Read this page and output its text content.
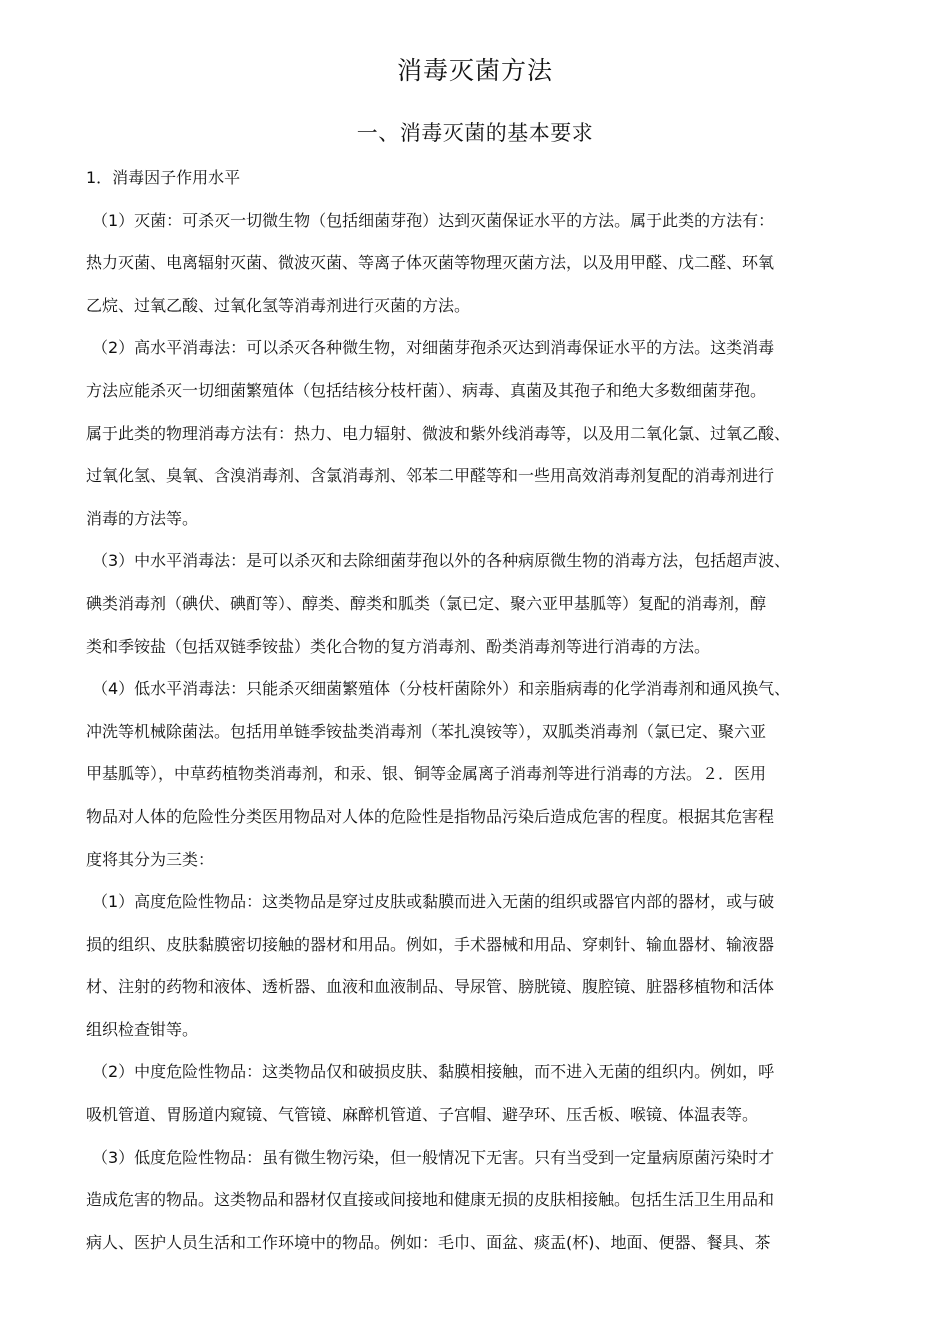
消毒灭菌方法
一、消毒灭菌的基本要求
1．消毒因子作用水平
（1）灭菌：可杀灭一切微生物（包括细菌芽孢）达到灭菌保证水平的方法。属于此类的方法有：
热力灭菌、电离辐射灭菌、微波灭菌、等离子体灭菌等物理灭菌方法，以及用甲醛、戊二醛、环氧
乙烷、过氧乙酸、过氧化氢等消毒剂进行灭菌的方法。
（2）高水平消毒法：可以杀灭各种微生物，对细菌芽孢杀灭达到消毒保证水平的方法。这类消毒
方法应能杀灭一切细菌繁殖体（包括结核分枝杆菌）、病毒、真菌及其孢子和绝大多数细菌芽孢。
属于此类的物理消毒方法有：热力、电力辐射、微波和紫外线消毒等，以及用二氧化氯、过氧乙酸、
过氧化氢、臭氧、含溴消毒剂、含氯消毒剂、邻苯二甲醛等和一些用高效消毒剂复配的消毒剂进行
消毒的方法等。
（3）中水平消毒法：是可以杀灭和去除细菌芽孢以外的各种病原微生物的消毒方法，包括超声波、
碘类消毒剂（碘伏、碘酊等）、醇类、醇类和胍类（氯已定、聚六亚甲基胍等）复配的消毒剂，醇
类和季铵盐（包括双链季铵盐）类化合物的复方消毒剂、酚类消毒剂等进行消毒的方法。
（4）低水平消毒法：只能杀灭细菌繁殖体（分枝杆菌除外）和亲脂病毒的化学消毒剂和通风换气、
冲洗等机械除菌法。包括用单链季铵盐类消毒剂（苯扎溴铵等），双胍类消毒剂（氯已定、聚六亚
甲基胍等），中草药植物类消毒剂，和汞、银、铜等金属离子消毒剂等进行消毒的方法。２．医用
物品对人体的危险性分类医用物品对人体的危险性是指物品污染后造成危害的程度。根据其危害程
度将其分为三类：
（1）高度危险性物品：这类物品是穿过皮肤或黏膜而进入无菌的组织或器官内部的器材，或与破
损的组织、皮肤黏膜密切接触的器材和用品。例如，手术器械和用品、穿刺针、输血器材、输液器
材、注射的药物和液体、透析器、血液和血液制品、导尿管、膀胱镜、腹腔镜、脏器移植物和活体
组织检查钳等。
（2）中度危险性物品：这类物品仅和破损皮肤、黏膜相接触，而不进入无菌的组织内。例如，呼
吸机管道、胃肠道内窥镜、气管镜、麻醉机管道、子宫帽、避孕环、压舌板、喉镜、体温表等。
（3）低度危险性物品：虽有微生物污染，但一般情况下无害。只有当受到一定量病原菌污染时才
造成危害的物品。这类物品和器材仅直接或间接地和健康无损的皮肤相接触。包括生活卫生用品和
病人、医护人员生活和工作环境中的物品。例如：毛巾、面盆、痰盂(杯)、地面、便器、餐具、茶
